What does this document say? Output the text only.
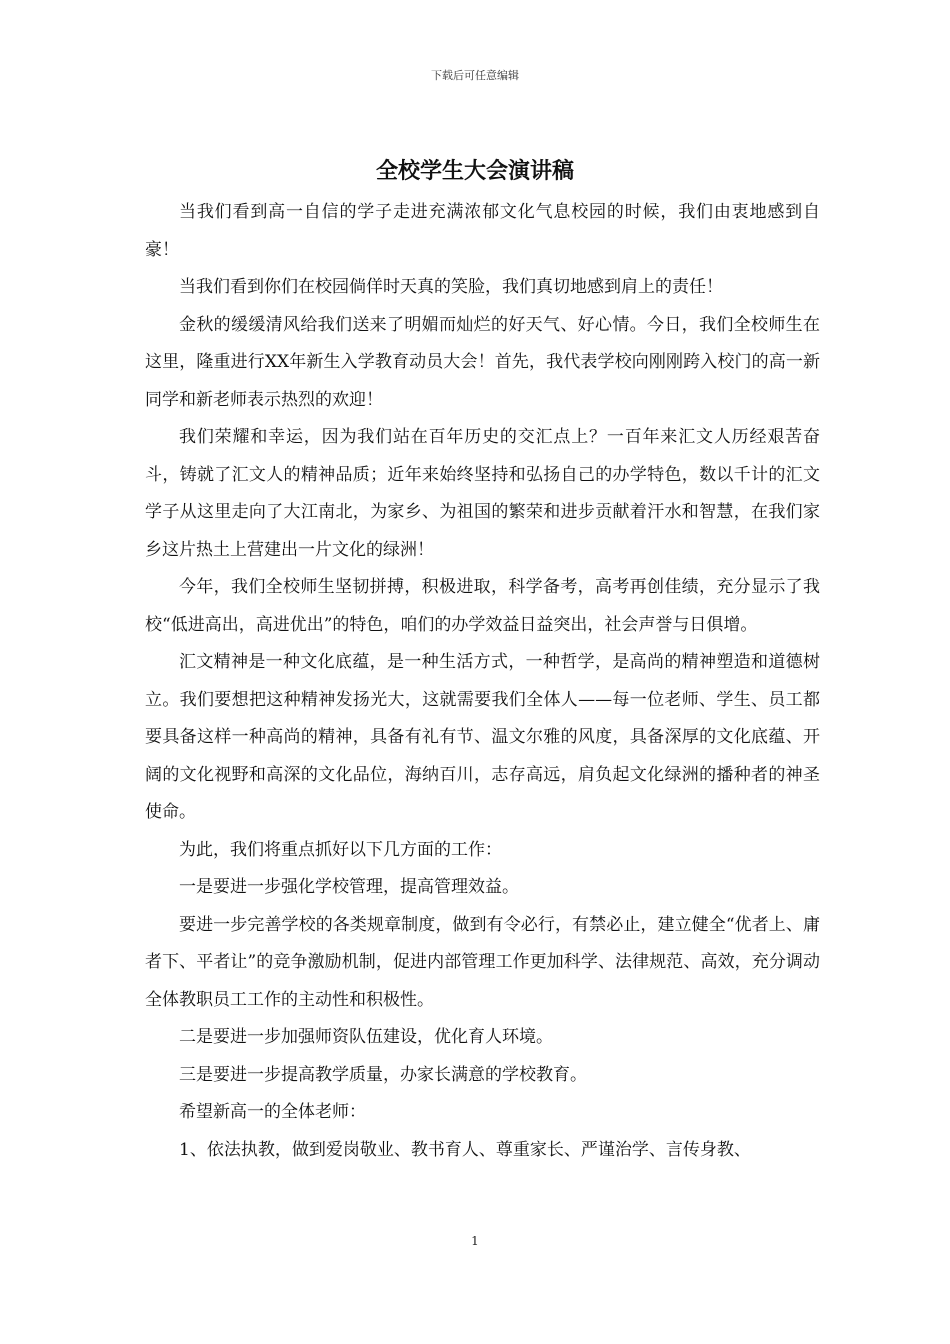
下载后可任意编辑
全校学生大会演讲稿

当我们看到高一自信的学子走进充满浓郁文化气息校园的时候，我们由衷地感到自豪！

当我们看到你们在校园倘佯时天真的笑脸，我们真切地感到肩上的责任！

金秋的缓缓清风给我们送来了明媚而灿烂的好天气、好心情。今日，我们全校师生在这里，隆重进行XX年新生入学教育动员大会！首先，我代表学校向刚刚跨入校门的高一新同学和新老师表示热烈的欢迎！

我们荣耀和幸运，因为我们站在百年历史的交汇点上？一百年来汇文人历经艰苦奋斗，铸就了汇文人的精神品质；近年来始终坚持和弘扬自己的办学特色，数以千计的汇文学子从这里走向了大江南北，为家乡、为祖国的繁荣和进步贡献着汗水和智慧，在我们家乡这片热土上营建出一片文化的绿洲！

今年，我们全校师生坚韧拼搏，积极进取，科学备考，高考再创佳绩，充分显示了我校“低进高出，高进优出”的特色，咱们的办学效益日益突出，社会声誉与日俱增。

汇文精神是一种文化底蕴，是一种生活方式，一种哲学，是高尚的精神塑造和道德树立。我们要想把这种精神发扬光大，这就需要我们全体人——每一位老师、学生、员工都要具备这样一种高尚的精神，具备有礼有节、温文尔雅的风度，具备深厚的文化底蕴、开阔的文化视野和高深的文化品位，海纳百川，志存高远，肩负起文化绿洲的播种者的神圣使命。

为此，我们将重点抓好以下几方面的工作：

一是要进一步强化学校管理，提高管理效益。

要进一步完善学校的各类规章制度，做到有令必行，有禁必止，建立健全“优者上、庸者下、平者让”的竞争激励机制，促进内部管理工作更加科学、法律规范、高效，充分调动全体教职员工工作的主动性和积极性。

二是要进一步加强师资队伍建设，优化育人环境。

三是要进一步提高教学质量，办家长满意的学校教育。

希望新高一的全体老师：

1、依法执教，做到爱岗敬业、教书育人、尊重家长、严谨治学、言传身教、

1
